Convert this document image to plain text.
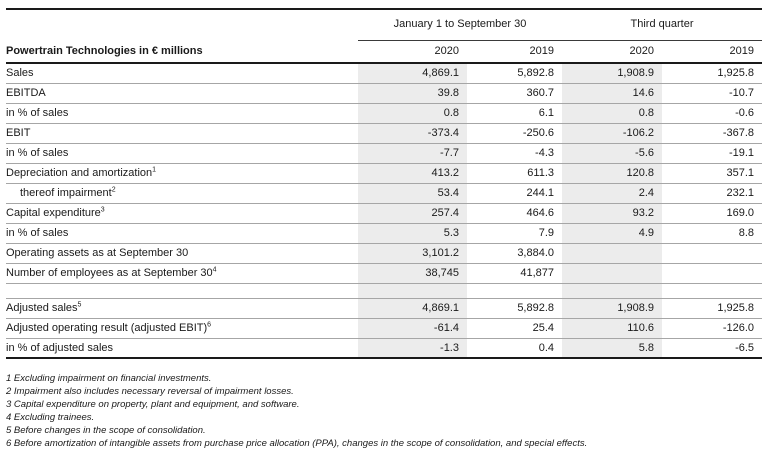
	January 1 to September 30		Third quarter	
Powertrain Technologies in € millions	2020	2019	2020	2019
Sales	4,869.1	5,892.8	1,908.9	1,925.8
EBITDA	39.8	360.7	14.6	-10.7
in % of sales	0.8	6.1	0.8	-0.6
EBIT	-373.4	-250.6	-106.2	-367.8
in % of sales	-7.7	-4.3	-5.6	-19.1
Depreciation and amortization$^1$	413.2	611.3	120.8	357.1
thereof impairment$^2$	53.4	244.1	2.4	232.1
Capital expenditure$^3$	257.4	464.6	93.2	169.0
in % of sales	5.3	7.9	4.9	8.8
Operating assets as at September 30	3,101.2	3,884.0		
Number of employees as at September $30^4$	38,745	41,877		

Adjusted sales$^5$	4,869.1	5,892.8	1,908.9	1,925.8
Adjusted operating result (adjusted EBIT)$^6$	-61.4	25.4	110.6	-126.0
in % of adjusted sales	-1.3	0.4	5.8	-6.5
1 Excluding impairment on financial investments.
2 Impairment also includes necessary reversal of impairment losses.
3 Capital expenditure on property, plant and equipment, and software.
4 Excluding trainees.
5 Before changes in the scope of consolidation.
6 Before amortization of intangible assets from purchase price allocation (PPA), changes in the scope of consolidation, and special effects.
